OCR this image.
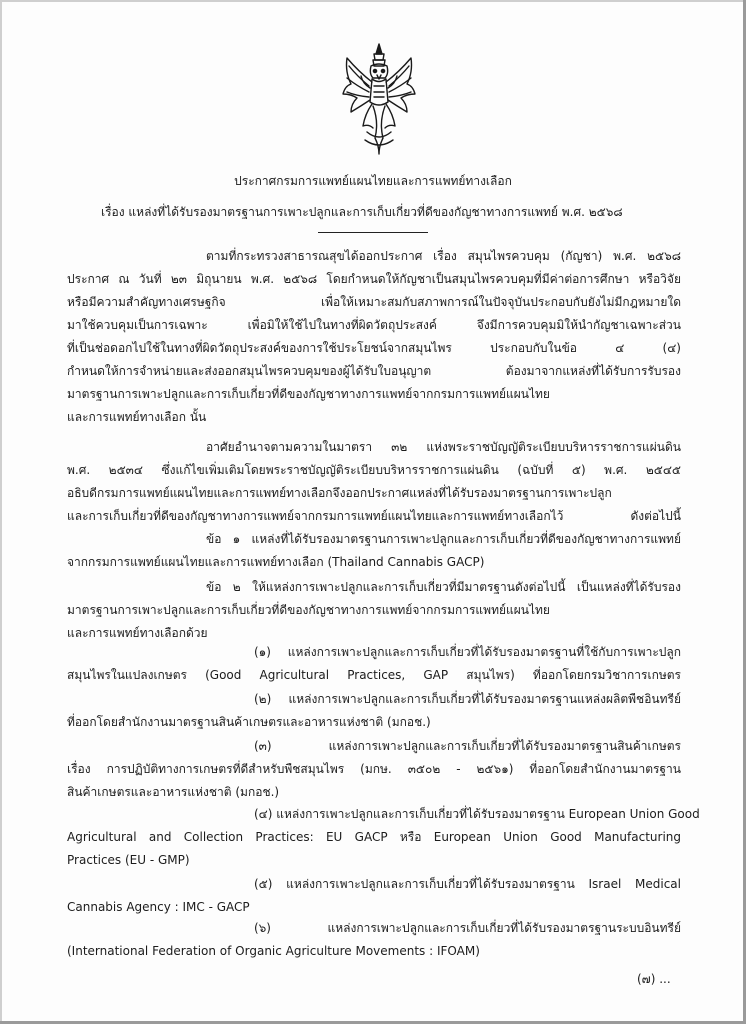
ประกาศกรมการแพทย์แผนไทยและการแพทย์ทางเลือก
เรื่อง แหล่งที่ได้รับรองมาตรฐานการเพาะปลูกและการเก็บเกี่ยวที่ดีของกัญชาทางการแพทย์ พ.ศ. ๒๕๖๘
ตามที่กระทรวงสาธารณสุขได้ออกประกาศ เรื่อง สมุนไพรควบคุม (กัญชา) พ.ศ. ๒๕๖๘
ประกาศ ณ วันที่ ๒๓ มิถุนายน พ.ศ. ๒๕๖๘ โดยกำหนดให้กัญชาเป็นสมุนไพรควบคุมที่มีค่าต่อการศึกษา หรือวิจัย
หรือมีความสำคัญทางเศรษฐกิจ เพื่อให้เหมาะสมกับสภาพการณ์ในปัจจุบันประกอบกับยังไม่มีกฎหมายใด
มาใช้ควบคุมเป็นการเฉพาะ เพื่อมิให้ใช้ไปในทางที่ผิดวัตถุประสงค์ จึงมีการควบคุมมิให้นำกัญชาเฉพาะส่วน
ที่เป็นช่อดอกไปใช้ในทางที่ผิดวัตถุประสงค์ของการใช้ประโยชน์จากสมุนไพร ประกอบกับในข้อ ๔ (๔)
กำหนดให้การจำหน่ายและส่งออกสมุนไพรควบคุมของผู้ได้รับใบอนุญาต ต้องมาจากแหล่งที่ได้รับการรับรอง
มาตรฐานการเพาะปลูกและการเก็บเกี่ยวที่ดีของกัญชาทางการแพทย์จากกรมการแพทย์แผนไทย
และการแพทย์ทางเลือก นั้น
อาศัยอำนาจตามความในมาตรา ๓๒ แห่งพระราชบัญญัติระเบียบบริหารราชการแผ่นดิน
พ.ศ. ๒๕๓๔ ซึ่งแก้ไขเพิ่มเติมโดยพระราชบัญญัติระเบียบบริหารราชการแผ่นดิน (ฉบับที่ ๕) พ.ศ. ๒๕๔๕
อธิบดีกรมการแพทย์แผนไทยและการแพทย์ทางเลือกจึงออกประกาศแหล่งที่ได้รับรองมาตรฐานการเพาะปลูก
และการเก็บเกี่ยวที่ดีของกัญชาทางการแพทย์จากกรมการแพทย์แผนไทยและการแพทย์ทางเลือกไว้ ดังต่อไปนี้
ข้อ ๑ แหล่งที่ได้รับรองมาตรฐานการเพาะปลูกและการเก็บเกี่ยวที่ดีของกัญชาทางการแพทย์
จากกรมการแพทย์แผนไทยและการแพทย์ทางเลือก (Thailand Cannabis GACP)
ข้อ ๒ ให้แหล่งการเพาะปลูกและการเก็บเกี่ยวที่มีมาตรฐานดังต่อไปนี้ เป็นแหล่งที่ได้รับรอง
มาตรฐานการเพาะปลูกและการเก็บเกี่ยวที่ดีของกัญชาทางการแพทย์จากกรมการแพทย์แผนไทย
และการแพทย์ทางเลือกด้วย
(๑) แหล่งการเพาะปลูกและการเก็บเกี่ยวที่ได้รับรองมาตรฐานที่ใช้กับการเพาะปลูก
สมุนไพรในแปลงเกษตร (Good Agricultural Practices, GAP สมุนไพร) ที่ออกโดยกรมวิชาการเกษตร
(๒) แหล่งการเพาะปลูกและการเก็บเกี่ยวที่ได้รับรองมาตรฐานแหล่งผลิตพืชอินทรีย์
ที่ออกโดยสำนักงานมาตรฐานสินค้าเกษตรและอาหารแห่งชาติ (มกอช.)
(๓) แหล่งการเพาะปลูกและการเก็บเกี่ยวที่ได้รับรองมาตรฐานสินค้าเกษตร
เรื่อง การปฏิบัติทางการเกษตรที่ดีสำหรับพืชสมุนไพร (มกษ. ๓๕๐๒ - ๒๕๖๑) ที่ออกโดยสำนักงานมาตรฐาน
สินค้าเกษตรและอาหารแห่งชาติ (มกอช.)
(๔) แหล่งการเพาะปลูกและการเก็บเกี่ยวที่ได้รับรองมาตรฐาน European Union Good
Agricultural and Collection Practices: EU GACP หรือ European Union Good Manufacturing
Practices (EU - GMP)
(๕) แหล่งการเพาะปลูกและการเก็บเกี่ยวที่ได้รับรองมาตรฐาน Israel Medical
Cannabis Agency : IMC - GACP
(๖) แหล่งการเพาะปลูกและการเก็บเกี่ยวที่ได้รับรองมาตรฐานระบบอินทรีย์
(International Federation of Organic Agriculture Movements : IFOAM)
(๗) ...
